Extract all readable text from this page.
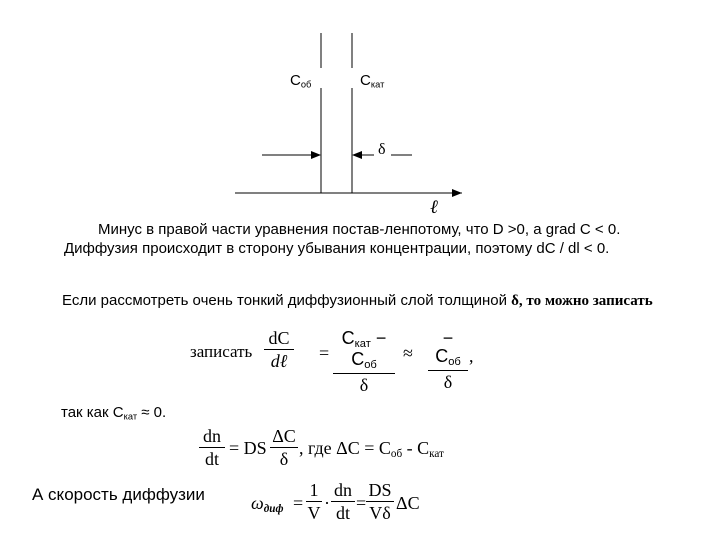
$C_{об}$	$C_{кат}$
δ
ℓ
Минус в правой части уравнения постав-ленпотому, что D >0, a grad C < 0.
Диффузия происходит в сторону убывания концентрации, поэтому dC / dl < 0.
Если рассмотреть очень тонкий диффузионный слой толщиной δ, то можно записать
записать
dC
dℓ	=
$C_{кат} - C_{об}$
δ
≈
− $C_{об}$
δ
,
так как $C_{кат} \approx 0$.
dn
dt
= DS
ΔC
δ
, где $\Delta C = C_{об} - C_{кат}$
А скорость диффузии	$\omega_{диф}$ =
1
V ·
dn
dt =
DS
Vδ ΔC
